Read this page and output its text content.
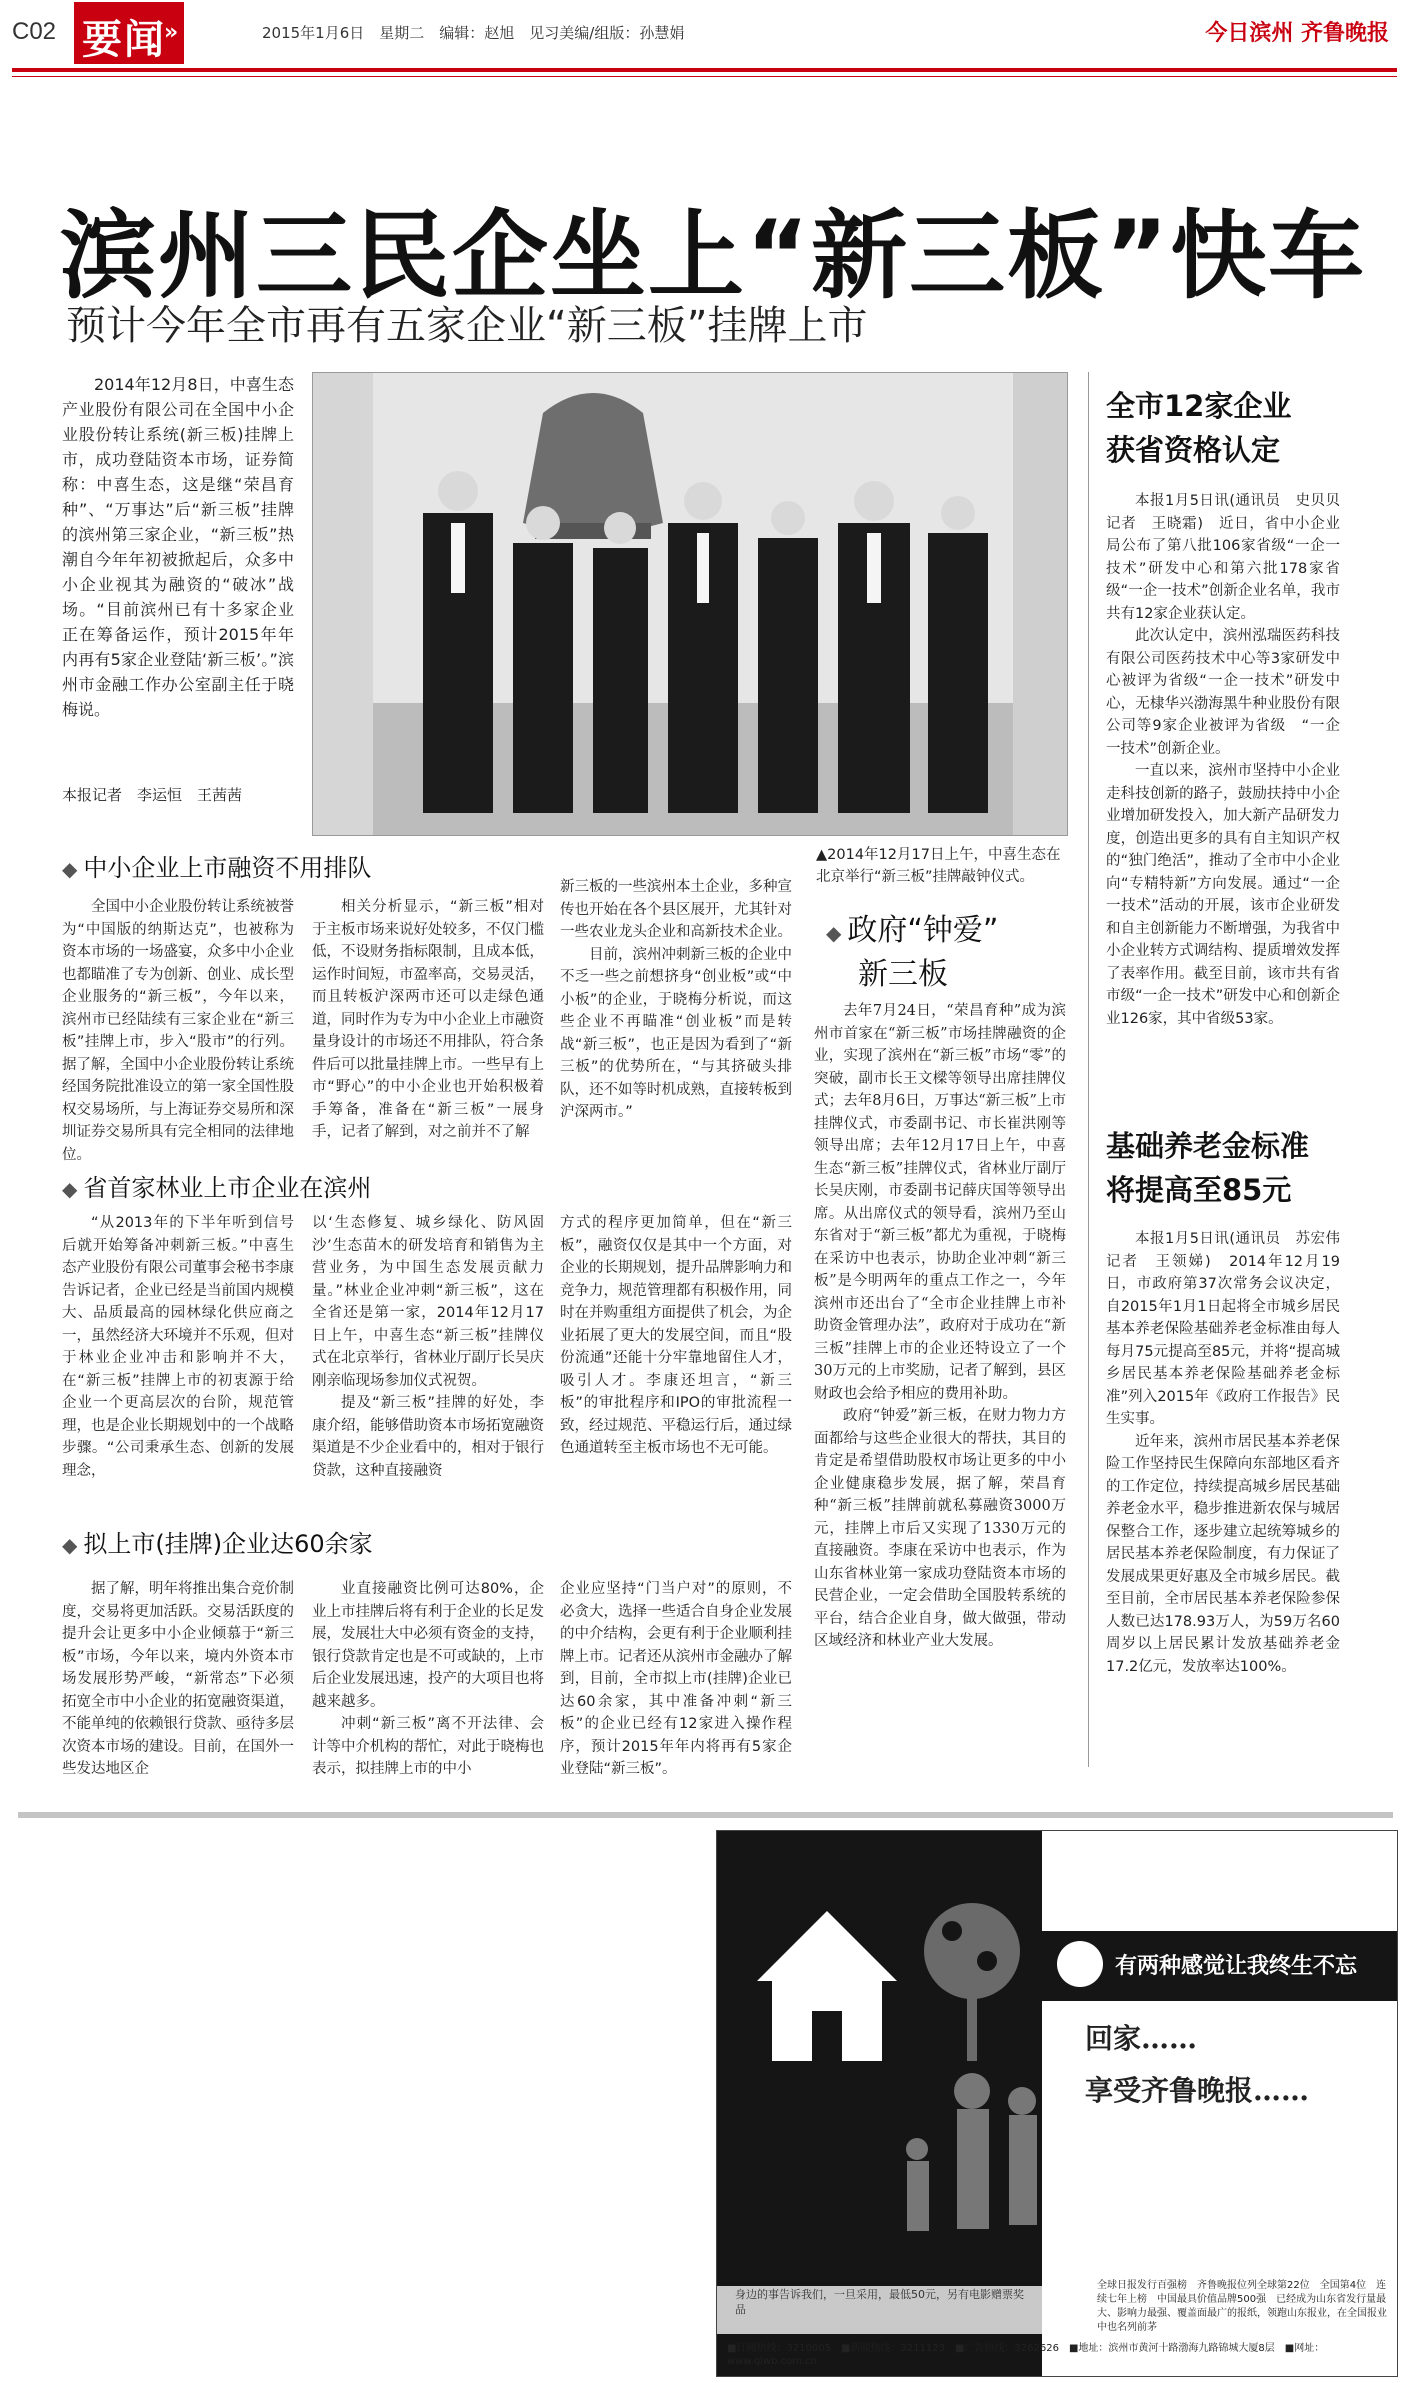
C02 要闻
»	2015年1月6日　星期二　编辑：赵旭　见习美编/组版：孙慧娟	今日滨州 齐鲁晚报
滨州三民企坐上“新三板”快车
预计今年全市再有五家企业“新三板”挂牌上市

2014年12月8日，中喜生态产业股份有限公司在全国中小企业股份转让系统(新三板)挂牌上市，成功登陆资本市场，证券简称：中喜生态，这是继“荣昌育种”、“万事达”后“新三板”挂牌的滨州第三家企业，“新三板”热潮自今年年初被掀起后，众多中小企业视其为融资的“破冰”战场。“目前滨州已有十多家企业正在筹备运作，预计2015年年内再有5家企业登陆‘新三板’。”滨州市金融工作办公室副主任于晓梅说。

本报记者　李运恒　王茜茜
▲2014年12月17日上午，中喜生态在北京举行“新三板”挂牌敲钟仪式。
◆ 中小企业上市融资不用排队

全国中小企业股份转让系统被誉为“中国版的纳斯达克”，也被称为资本市场的一场盛宴，众多中小企业也都瞄准了专为创新、创业、成长型企业服务的“新三板”，今年以来，滨州市已经陆续有三家企业在“新三板”挂牌上市，步入“股市”的行列。据了解，全国中小企业股份转让系统经国务院批准设立的第一家全国性股权交易场所，与上海证券交易所和深圳证券交易所具有完全相同的法律地位。

相关分析显示，“新三板”相对于主板市场来说好处较多，不仅门槛低，不设财务指标限制，且成本低，运作时间短，市盈率高，交易灵活，而且转板沪深两市还可以走绿色通道，同时作为专为中小企业上市融资量身设计的市场还不用排队，符合条件后可以批量挂牌上市。一些早有上市“野心”的中小企业也开始积极着手筹备，准备在“新三板”一展身手，记者了解到，对之前并不了解

新三板的一些滨州本土企业，多种宣传也开始在各个县区展开，尤其针对一些农业龙头企业和高新技术企业。

目前，滨州冲刺新三板的企业中不乏一些之前想挤身“创业板”或“中小板”的企业，于晓梅分析说，而这些企业不再瞄准“创业板”而是转战“新三板”，也正是因为看到了“新三板”的优势所在，“与其挤破头排队，还不如等时机成熟，直接转板到沪深两市。”

◆ 省首家林业上市企业在滨州

“从2013年的下半年听到信号后就开始筹备冲刺新三板。”中喜生态产业股份有限公司董事会秘书李康告诉记者，企业已经是当前国内规模大、品质最高的园林绿化供应商之一，虽然经济大环境并不乐观，但对于林业企业冲击和影响并不大，在“新三板”挂牌上市的初衷源于给企业一个更高层次的台阶，规范管理，也是企业长期规划中的一个战略步骤。“公司秉承生态、创新的发展理念，

以‘生态修复、城乡绿化、防风固沙’生态苗木的研发培育和销售为主营业务，为中国生态发展贡献力量。”林业企业冲刺“新三板”，这在全省还是第一家，2014年12月17日上午，中喜生态“新三板”挂牌仪式在北京举行，省林业厅副厅长吴庆刚亲临现场参加仪式祝贺。

提及“新三板”挂牌的好处，李康介绍，能够借助资本市场拓宽融资渠道是不少企业看中的，相对于银行贷款，这种直接融资

方式的程序更加简单，但在“新三板”，融资仅仅是其中一个方面，对企业的长期规划，提升品牌影响力和竞争力，规范管理都有积极作用，同时在并购重组方面提供了机会，为企业拓展了更大的发展空间，而且“股份流通”还能十分牢靠地留住人才，吸引人才。李康还坦言，“新三板”的审批程序和IPO的审批流程一致，经过规范、平稳运行后，通过绿色通道转至主板市场也不无可能。

◆ 拟上市(挂牌)企业达60余家

据了解，明年将推出集合竞价制度，交易将更加活跃。交易活跃度的提升会让更多中小企业倾慕于“新三板”市场，今年以来，境内外资本市场发展形势严峻，“新常态”下必须拓宽全市中小企业的拓宽融资渠道，不能单纯的依赖银行贷款、亟待多层次资本市场的建设。目前，在国外一些发达地区企

业直接融资比例可达80%，企业上市挂牌后将有利于企业的长足发展，发展壮大中必须有资金的支持，银行贷款肯定也是不可或缺的，上市后企业发展迅速，投产的大项目也将越来越多。

冲刺“新三板”离不开法律、会计等中介机构的帮忙，对此于晓梅也表示，拟挂牌上市的中小

企业应坚持“门当户对”的原则，不必贪大，选择一些适合自身企业发展的中介结构，会更有利于企业顺利挂牌上市。记者还从滨州市金融办了解到，目前，全市拟上市(挂牌)企业已达60余家，其中准备冲刺“新三板”的企业已经有12家进入操作程序，预计2015年年内将再有5家企业登陆“新三板”。

◆ 政府“钟爱”
新三板

去年7月24日，“荣昌育种”成为滨州市首家在“新三板”市场挂牌融资的企业，实现了滨州在“新三板”市场“零”的突破，副市长王文樑等领导出席挂牌仪式；去年8月6日，万事达“新三板”上市挂牌仪式，市委副书记、市长崔洪刚等领导出席；去年12月17日上午，中喜生态“新三板”挂牌仪式，省林业厅副厅长吴庆刚，市委副书记薛庆国等领导出席。从出席仪式的领导看，滨州乃至山东省对于“新三板”都尤为重视，于晓梅在采访中也表示，协助企业冲刺“新三板”是今明两年的重点工作之一，今年滨州市还出台了“全市企业挂牌上市补助资金管理办法”，政府对于成功在“新三板”挂牌上市的企业还特设立了一个30万元的上市奖励，记者了解到，县区财政也会给予相应的费用补助。

政府“钟爱”新三板，在财力物力方面都给与这些企业很大的帮扶，其目的肯定是希望借助股权市场让更多的中小企业健康稳步发展，据了解，荣昌育种“新三板”挂牌前就私募融资3000万元，挂牌上市后又实现了1330万元的直接融资。李康在采访中也表示，作为山东省林业第一家成功登陆资本市场的民营企业，一定会借助全国股转系统的平台，结合企业自身，做大做强，带动区域经济和林业产业大发展。

全市12家企业
获省资格认定

本报1月5日讯(通讯员　史贝贝　记者　王晓霜)　近日，省中小企业局公布了第八批106家省级“一企一技术”研发中心和第六批178家省级“一企一技术”创新企业名单，我市共有12家企业获认定。

此次认定中，滨州泓瑞医药科技有限公司医药技术中心等3家研发中心被评为省级“一企一技术”研发中心，无棣华兴渤海黑牛种业股份有限公司等9家企业被评为省级　“一企一技术”创新企业。

一直以来，滨州市坚持中小企业走科技创新的路子，鼓励扶持中小企业增加研发投入，加大新产品研发力度，创造出更多的具有自主知识产权的“独门绝活”，推动了全市中小企业向“专精特新”方向发展。通过“一企一技术”活动的开展，该市企业研发和自主创新能力不断增强，为我省中小企业转方式调结构、提质增效发挥了表率作用。截至目前，该市共有省市级“一企一技术”研发中心和创新企业126家，其中省级53家。

基础养老金标准
将提高至85元

本报1月5日讯(通讯员　苏宏伟　记者　王领娣)　2014年12月19日，市政府第37次常务会议决定，自2015年1月1日起将全市城乡居民基本养老保险基础养老金标准由每人每月75元提高至85元，并将“提高城乡居民基本养老保险基础养老金标准”列入2015年《政府工作报告》民生实事。

近年来，滨州市居民基本养老保险工作坚持民生保障向东部地区看齐的工作定位，持续提高城乡居民基础养老金水平，稳步推进新农保与城居保整合工作，逐步建立起统筹城乡的居民基本养老保险制度，有力保证了发展成果更好惠及全市城乡居民。截至目前，全市居民基本养老保险参保人数已达178.93万人，为59万名60周岁以上居民累计发放基础养老金17.2亿元，发放率达100%。

有两种感觉让我终生不忘
回家……
享受齐鲁晚报……
身边的事告诉我们，一旦采用，最低50元，另有电影赠票奖品
全球日报发行百强榜　齐鲁晚报位列全球第22位　全国第4位　连续七年上榜　中国最具价值品牌500强　已经成为山东省发行量最大、影响力最强、覆盖面最广的报纸，领跑山东报业，在全国报业中也名列前茅
■订阅热线：3210005　■新闻热线：3211123　■广告热线：3262626　■地址：滨州市黄河十路渤海九路锦城大厦8层　■网址：www.qlwb.com.cn
